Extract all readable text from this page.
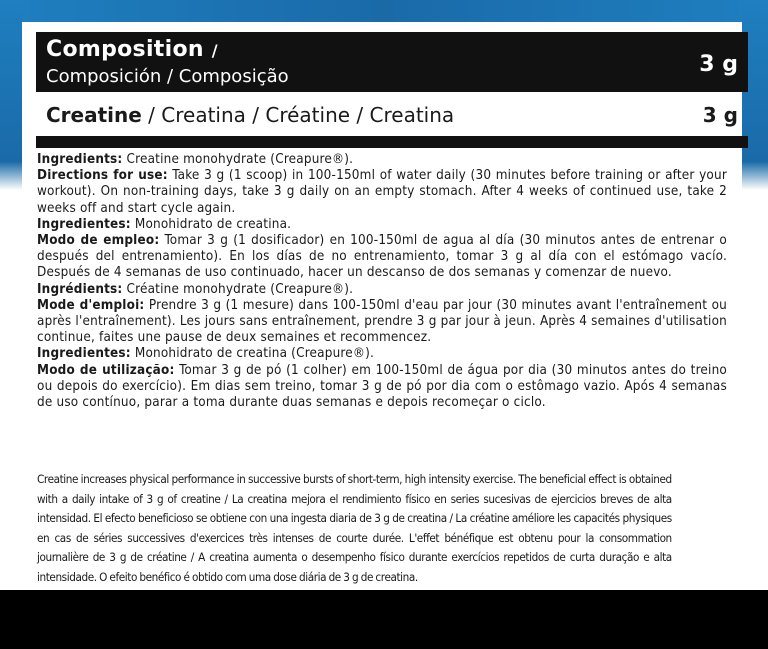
Composition /
Composición / Composição	3 g
Creatine / Creatina / Créatine / Creatina	3 g

Ingredients: Creatine monohydrate (Creapure®).

Directions for use: Take 3 g (1 scoop) in 100-150ml of water daily (30 minutes before training or after your workout). On non-training days, take 3 g daily on an empty stomach. After 4 weeks of continued use, take 2 weeks off and start cycle again.

Ingredientes: Monohidrato de creatina.

Modo de empleo: Tomar 3 g (1 dosificador) en 100-150ml de agua al día (30 minutos antes de entrenar o después del entrenamiento). En los días de no entrenamiento, tomar 3 g al día con el estómago vacío. Después de 4 semanas de uso continuado, hacer un descanso de dos semanas y comenzar de nuevo.

Ingrédients: Créatine monohydrate (Creapure®).

Mode d'emploi: Prendre 3 g (1 mesure) dans 100-150ml d'eau par jour (30 minutes avant l'entraînement ou après l'entraînement). Les jours sans entraînement, prendre 3 g par jour à jeun. Après 4 semaines d'utilisation continue, faites une pause de deux semaines et recommencez.

Ingredientes: Monohidrato de creatina (Creapure®).

Modo de utilização: Tomar 3 g de pó (1 colher) em 100-150ml de água por dia (30 minutos antes do treino ou depois do exercício). Em dias sem treino, tomar 3 g de pó por dia com o estômago vazio. Após 4 semanas de uso contínuo, parar a toma durante duas semanas e depois recomeçar o ciclo.

Creatine increases physical performance in successive bursts of short-term, high intensity exercise. The beneficial effect is obtained with a daily intake of 3 g of creatine / La creatina mejora el rendimiento físico en series sucesivas de ejercicios breves de alta intensidad. El efecto beneficioso se obtiene con una ingesta diaria de 3 g de creatina / La créatine améliore les capacités physiques en cas de séries successives d'exercices très intenses de courte durée. L'effet bénéfique est obtenu pour la consommation journalière de 3 g de créatine / A creatina aumenta o desempenho físico durante exercícios repetidos de curta duração e alta intensidade. O efeito benéfico é obtido com uma dose diária de 3 g de creatina.
